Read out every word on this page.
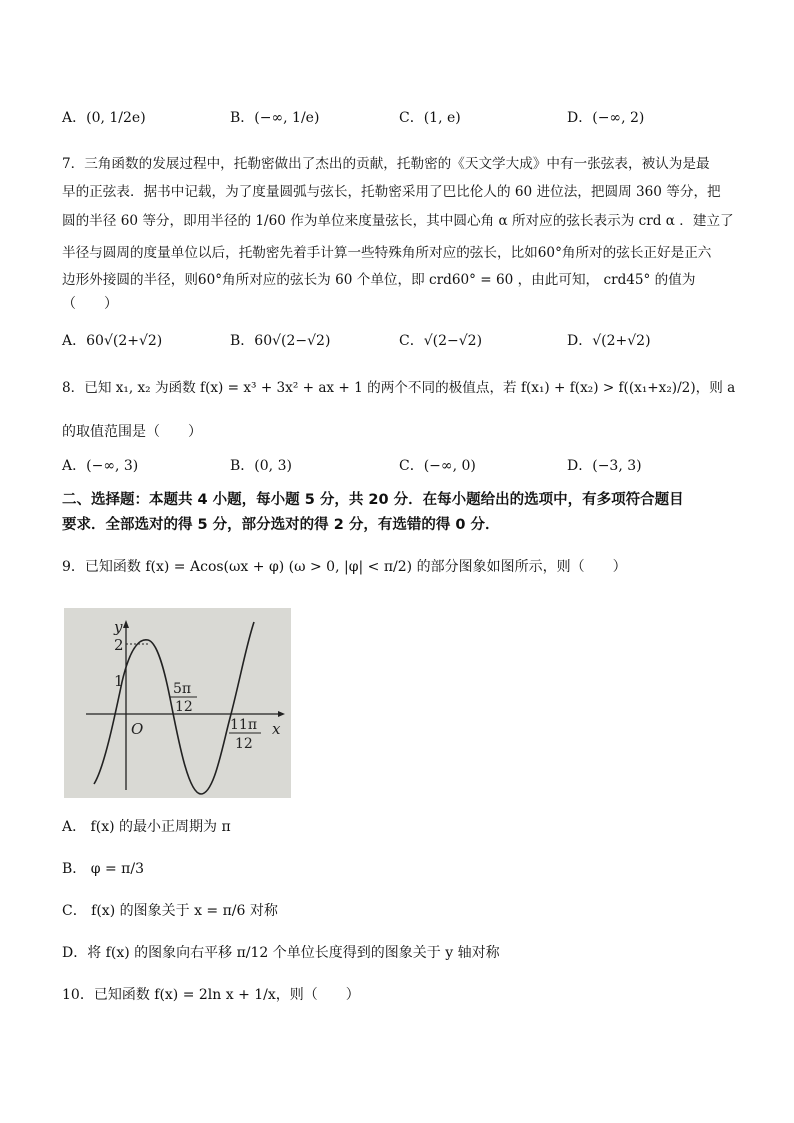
A．(0, 1/2e)	B．(−∞, 1/e)	C．(1, e)	D．(−∞, 2)
7．三角函数的发展过程中，托勒密做出了杰出的贡献，托勒密的《天文学大成》中有一张弦表，被认为是最
早的正弦表．据书中记载，为了度量圆弧与弦长，托勒密采用了巴比伦人的 60 进位法，把圆周 360 等分，把
圆的半径 60 等分，即用半径的 1/60 作为单位来度量弦长，其中圆心角 α 所对应的弦长表示为 crd α ．建立了
半径与圆周的度量单位以后，托勒密先着手计算一些特殊角所对应的弦长，比如60°角所对的弦长正好是正六
边形外接圆的半径，则60°角所对应的弦长为 60 个单位，即 crd60° = 60 ，由此可知， crd45° 的值为
（　　）
A．60√(2+√2)	B．60√(2−√2)	C．√(2−√2)	D．√(2+√2)
8．已知 x₁, x₂ 为函数 f(x) = x³ + 3x² + ax + 1 的两个不同的极值点，若 f(x₁) + f(x₂) > f((x₁+x₂)/2)，则 a
的取值范围是（　　）
A．(−∞, 3)	B．(0, 3)	C．(−∞, 0)	D．(−3, 3)
二、选择题：本题共 4 小题，每小题 5 分，共 20 分．在每小题给出的选项中，有多项符合题目
要求．全部选对的得 5 分，部分选对的得 2 分，有选错的得 0 分．
9．已知函数 f(x) = Acos(ωx + φ) (ω > 0, |φ| < π/2) 的部分图象如图所示，则（　　）
y
x
O
2
1	5π
12
11π
12
A． f(x) 的最小正周期为 π
B． φ = π/3
C． f(x) 的图象关于 x = π/6 对称
D．将 f(x) 的图象向右平移 π/12 个单位长度得到的图象关于 y 轴对称
10．已知函数 f(x) = 2ln x + 1/x，则（　　）
